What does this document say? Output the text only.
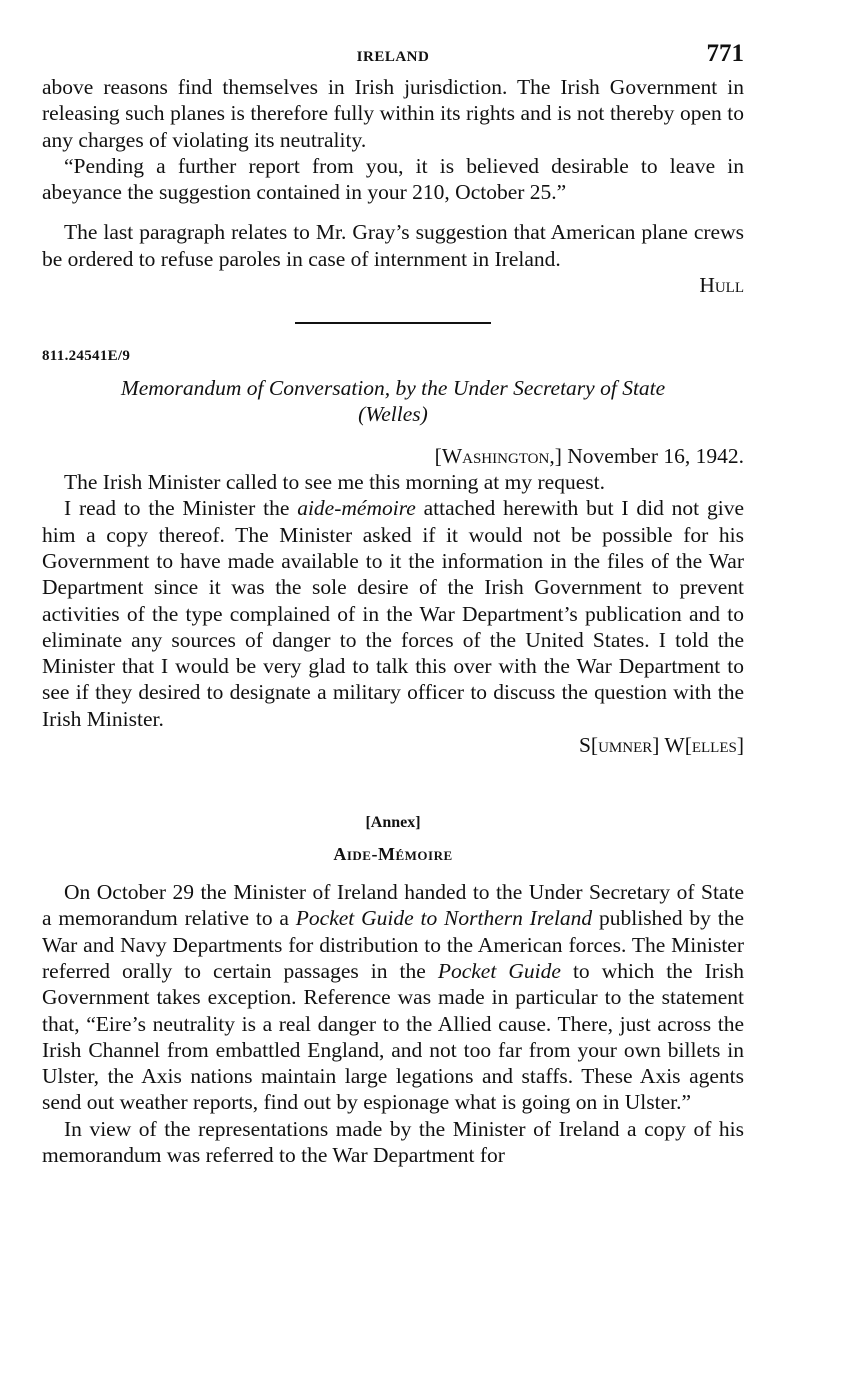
IRELAND	771

above reasons find themselves in Irish jurisdiction. The Irish Government in releasing such planes is therefore fully within its rights and is not thereby open to any charges of violating its neutrality.

“Pending a further report from you, it is believed desirable to leave in abeyance the suggestion contained in your 210, October 25.”

The last paragraph relates to Mr. Gray’s suggestion that American plane crews be ordered to refuse paroles in case of internment in Ireland.

Hull

811.24541E/9
Memorandum of Conversation, by the Under Secretary of State
(Welles)
[Washington,] November 16, 1942.

The Irish Minister called to see me this morning at my request.

I read to the Minister the aide-mémoire attached herewith but I did not give him a copy thereof. The Minister asked if it would not be possible for his Government to have made available to it the information in the files of the War Department since it was the sole desire of the Irish Government to prevent activities of the type complained of in the War Department’s publication and to eliminate any sources of danger to the forces of the United States. I told the Minister that I would be very glad to talk this over with the War Department to see if they desired to designate a military officer to discuss the question with the Irish Minister.

S[umner] W[elles]

[Annex]
Aide-Mémoire

On October 29 the Minister of Ireland handed to the Under Secretary of State a memorandum relative to a Pocket Guide to Northern Ireland published by the War and Navy Departments for distribution to the American forces. The Minister referred orally to certain passages in the Pocket Guide to which the Irish Government takes exception. Reference was made in particular to the statement that, “Eire’s neutrality is a real danger to the Allied cause. There, just across the Irish Channel from embattled England, and not too far from your own billets in Ulster, the Axis nations maintain large legations and staffs. These Axis agents send out weather reports, find out by espionage what is going on in Ulster.”

In view of the representations made by the Minister of Ireland a copy of his memorandum was referred to the War Department for
